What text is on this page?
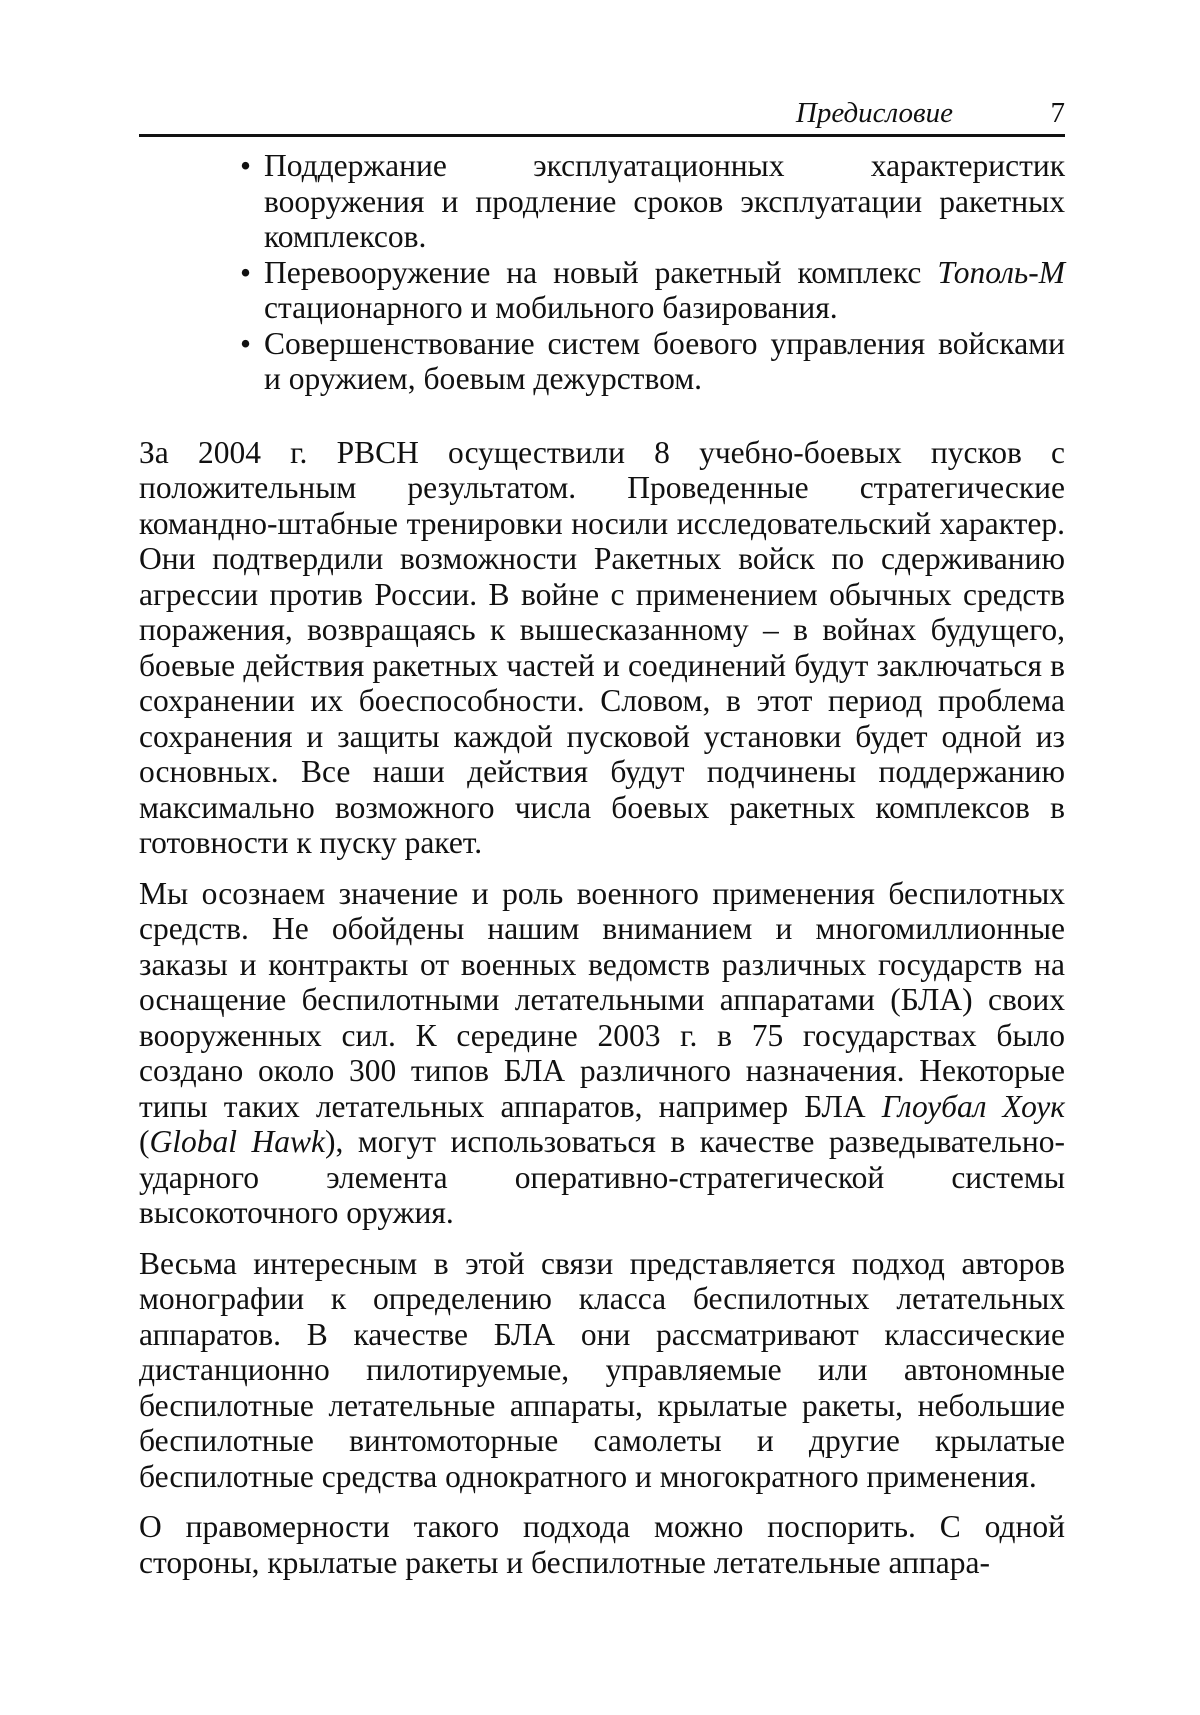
Предисловие	7
• Поддержание эксплуатационных характеристик вооружения и продление сроков эксплуатации ракетных комплексов.
• Перевооружение на новый ракетный комплекс Тополь-М стационарного и мобильного базирования.
• Совершенствование систем боевого управления войсками и оружием, боевым дежурством.

За 2004 г. РВСН осуществили 8 учебно-боевых пусков с положительным результатом. Проведенные стратегические командно-штабные тренировки носили исследовательский характер. Они подтвердили возможности Ракетных войск по сдерживанию агрессии против России. В войне с применением обычных средств поражения, возвращаясь к вышесказанному – в войнах будущего, боевые действия ракетных частей и соединений будут заключаться в сохранении их боеспособности. Словом, в этот период проблема сохранения и защиты каждой пусковой установки будет одной из основных. Все наши действия будут подчинены поддержанию максимально возможного числа боевых ракетных комплексов в готовности к пуску ракет.

Мы осознаем значение и роль военного применения беспилотных средств. Не обойдены нашим вниманием и многомиллионные заказы и контракты от военных ведомств различных государств на оснащение беспилотными летательными аппаратами (БЛА) своих вооруженных сил. К середине 2003 г. в 75 государствах было создано около 300 типов БЛА различного назначения. Некоторые типы таких летательных аппаратов, например БЛА Глоубал Хоук (Global Hawk), могут использоваться в качестве разведывательно-ударного элемента оперативно-стратегической системы высокоточного оружия.

Весьма интересным в этой связи представляется подход авторов монографии к определению класса беспилотных летательных аппаратов. В качестве БЛА они рассматривают классические дистанционно пилотируемые, управляемые или автономные беспилотные летательные аппараты, крылатые ракеты, небольшие беспилотные винтомоторные самолеты и другие крылатые беспилотные средства однократного и многократного применения.

О правомерности такого подхода можно поспорить. С одной стороны, крылатые ракеты и беспилотные летательные аппара-
